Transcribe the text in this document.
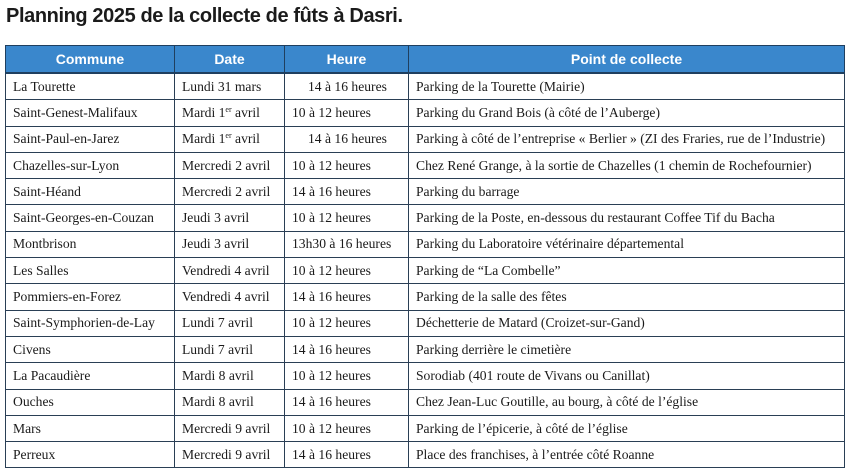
Planning 2025 de la collecte de fûts à Dasri.
Commune	Date	Heure	Point de collecte
La Tourette	Lundi 31 mars	14 à 16 heures	Parking de la Tourette (Mairie)
Saint-Genest-Malifaux	Mardi 1er avril	10 à 12 heures	Parking du Grand Bois (à côté de l’Auberge)
Saint-Paul-en-Jarez	Mardi 1er avril	14 à 16 heures	Parking à côté de l’entreprise « Berlier » (ZI des Fraries, rue de l’Industrie)
Chazelles-sur-Lyon	Mercredi 2 avril	10 à 12 heures	Chez René Grange, à la sortie de Chazelles (1 chemin de Rochefournier)
Saint-Héand	Mercredi 2 avril	14 à 16 heures	Parking du barrage
Saint-Georges-en-Couzan	Jeudi 3 avril	10 à 12 heures	Parking de la Poste, en-dessous du restaurant Coffee Tif du Bacha
Montbrison	Jeudi 3 avril	13h30 à 16 heures	Parking du Laboratoire vétérinaire départemental
Les Salles	Vendredi 4 avril	10 à 12 heures	Parking de “La Combelle”
Pommiers-en-Forez	Vendredi 4 avril	14 à 16 heures	Parking de la salle des fêtes
Saint-Symphorien-de-Lay	Lundi 7 avril	10 à 12 heures	Déchetterie de Matard (Croizet-sur-Gand)
Civens	Lundi 7 avril	14 à 16 heures	Parking derrière le cimetière
La Pacaudière	Mardi 8 avril	10 à 12 heures	Sorodiab (401 route de Vivans ou Canillat)
Ouches	Mardi 8 avril	14 à 16 heures	Chez Jean-Luc Goutille, au bourg, à côté de l’église
Mars	Mercredi 9 avril	10 à 12 heures	Parking de l’épicerie, à côté de l’église
Perreux	Mercredi 9 avril	14 à 16 heures	Place des franchises, à l’entrée côté Roanne
